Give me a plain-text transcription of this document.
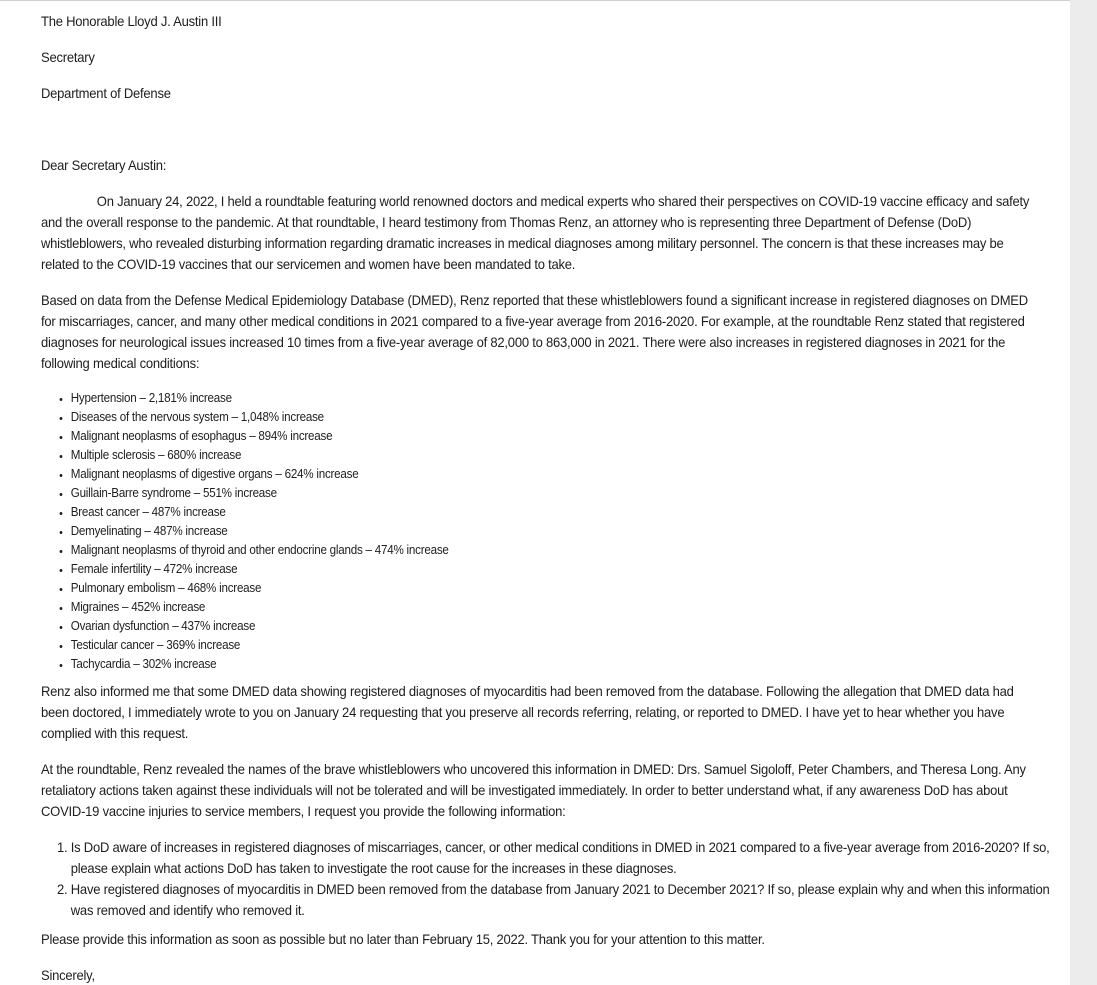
The Honorable Lloyd J. Austin III
Secretary
Department of Defense
Dear Secretary Austin:

On January 24, 2022, I held a roundtable featuring world renowned doctors and medical experts who shared their perspectives on COVID-19 vaccine efficacy and safety and the overall response to the pandemic. At that roundtable, I heard testimony from Thomas Renz, an attorney who is representing three Department of Defense (DoD) whistleblowers, who revealed disturbing information regarding dramatic increases in medical diagnoses among military personnel. The concern is that these increases may be related to the COVID-19 vaccines that our servicemen and women have been mandated to take.

Based on data from the Defense Medical Epidemiology Database (DMED), Renz reported that these whistleblowers found a significant increase in registered diagnoses on DMED for miscarriages, cancer, and many other medical conditions in 2021 compared to a five-year average from 2016-2020. For example, at the roundtable Renz stated that registered diagnoses for neurological issues increased 10 times from a five-year average of 82,000 to 863,000 in 2021. There were also increases in registered diagnoses in 2021 for the following medical conditions:

• Hypertension – 2,181% increase
• Diseases of the nervous system – 1,048% increase
• Malignant neoplasms of esophagus – 894% increase
• Multiple sclerosis – 680% increase
• Malignant neoplasms of digestive organs – 624% increase
• Guillain-Barre syndrome – 551% increase
• Breast cancer – 487% increase
• Demyelinating – 487% increase
• Malignant neoplasms of thyroid and other endocrine glands – 474% increase
• Female infertility – 472% increase
• Pulmonary embolism – 468% increase
• Migraines – 452% increase
• Ovarian dysfunction – 437% increase
• Testicular cancer – 369% increase
• Tachycardia – 302% increase

Renz also informed me that some DMED data showing registered diagnoses of myocarditis had been removed from the database. Following the allegation that DMED data had been doctored, I immediately wrote to you on January 24 requesting that you preserve all records referring, relating, or reported to DMED. I have yet to hear whether you have complied with this request.

At the roundtable, Renz revealed the names of the brave whistleblowers who uncovered this information in DMED: Drs. Samuel Sigoloff, Peter Chambers, and Theresa Long. Any retaliatory actions taken against these individuals will not be tolerated and will be investigated immediately. In order to better understand what, if any awareness DoD has about COVID-19 vaccine injuries to service members, I request you provide the following information:

1. Is DoD aware of increases in registered diagnoses of miscarriages, cancer, or other medical conditions in DMED in 2021 compared to a five-year average from 2016-2020? If so, please explain what actions DoD has taken to investigate the root cause for the increases in these diagnoses.
2. Have registered diagnoses of myocarditis in DMED been removed from the database from January 2021 to December 2021? If so, please explain why and when this information was removed and identify who removed it.

Please provide this information as soon as possible but no later than February 15, 2022. Thank you for your attention to this matter.

Sincerely,
